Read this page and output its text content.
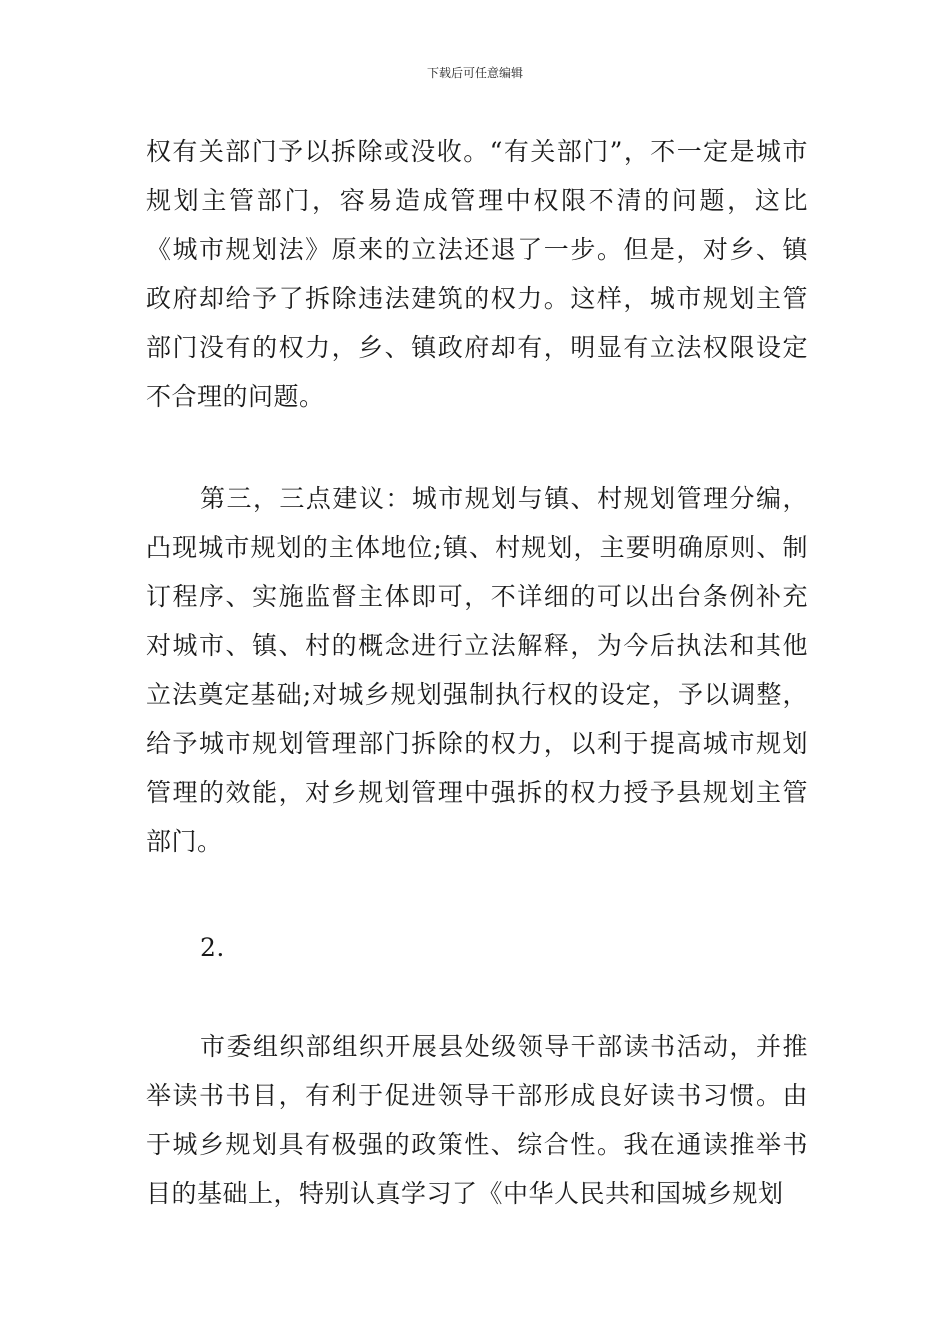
下载后可任意编辑

权有关部门予以拆除或没收。“有关部门”，不一定是城市规划主管部门，容易造成管理中权限不清的问题，这比《城市规划法》原来的立法还退了一步。但是，对乡、镇政府却给予了拆除违法建筑的权力。这样，城市规划主管部门没有的权力，乡、镇政府却有，明显有立法权限设定不合理的问题。

第三，三点建议：城市规划与镇、村规划管理分编，凸现城市规划的主体地位;镇、村规划，主要明确原则、制订程序、实施监督主体即可，不详细的可以出台条例补充对城市、镇、村的概念进行立法解释，为今后执法和其他立法奠定基础;对城乡规划强制执行权的设定，予以调整，给予城市规划管理部门拆除的权力，以利于提高城市规划管理的效能，对乡规划管理中强拆的权力授予县规划主管部门。

2.

市委组织部组织开展县处级领导干部读书活动，并推举读书书目，有利于促进领导干部形成良好读书习惯。由于城乡规划具有极强的政策性、综合性。我在通读推举书目的基础上，特别认真学习了《中华人民共和国城乡规划
